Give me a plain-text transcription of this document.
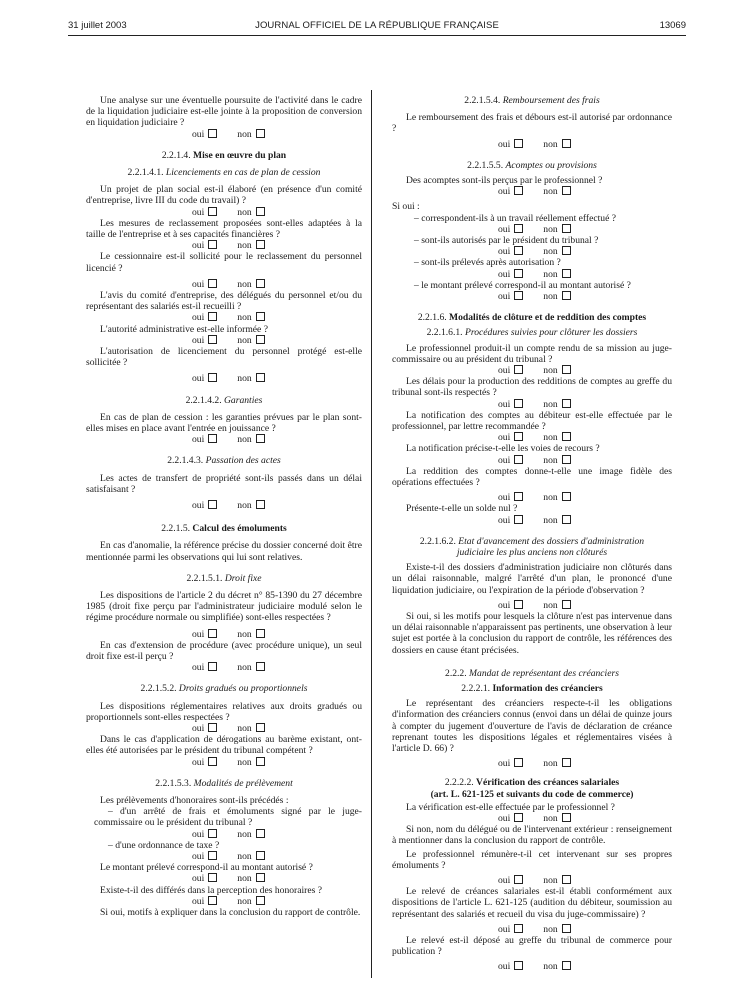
31 juillet 2003	JOURNAL OFFICIEL DE LA RÉPUBLIQUE FRANÇAISE	13069

Une analyse sur une éventuelle poursuite de l'activité dans le cadre de la liquidation judiciaire est-elle jointe à la proposition de conversion en liquidation judiciaire ?

oui	non

2.2.1.4. Mise en œuvre du plan

2.2.1.4.1. Licenciements en cas de plan de cession

Un projet de plan social est-il élaboré (en présence d'un comité d'entreprise, livre III du code du travail) ?

oui	non

Les mesures de reclassement proposées sont-elles adaptées à la taille de l'entreprise et à ses capacités financières ?

oui	non

Le cessionnaire est-il sollicité pour le reclassement du personnel licencié ?

oui	non

L'avis du comité d'entreprise, des délégués du personnel et/ou du représentant des salariés est-il recueilli ?

oui	non

L'autorité administrative est-elle informée ?

oui	non

L'autorisation de licenciement du personnel protégé est-elle sollicitée ?

oui	non

2.2.1.4.2. Garanties

En cas de plan de cession : les garanties prévues par le plan sont-elles mises en place avant l'entrée en jouissance ?

oui	non

2.2.1.4.3. Passation des actes

Les actes de transfert de propriété sont-ils passés dans un délai satisfaisant ?

oui	non

2.2.1.5. Calcul des émoluments

En cas d'anomalie, la référence précise du dossier concerné doit être mentionnée parmi les observations qui lui sont relatives.

2.2.1.5.1. Droit fixe

Les dispositions de l'article 2 du décret n° 85-1390 du 27 décembre 1985 (droit fixe perçu par l'administrateur judiciaire modulé selon le régime procédure normale ou simplifiée) sont-elles respectées ?

oui	non

En cas d'extension de procédure (avec procédure unique), un seul droit fixe est-il perçu ?

oui	non

2.2.1.5.2. Droits gradués ou proportionnels

Les dispositions réglementaires relatives aux droits gradués ou proportionnels sont-elles respectées ?

oui	non

Dans le cas d'application de dérogations au barème existant, ont-elles été autorisées par le président du tribunal compétent ?

oui	non

2.2.1.5.3. Modalités de prélèvement

Les prélèvements d'honoraires sont-ils précédés :

– d'un arrêté de frais et émoluments signé par le juge-commissaire ou le président du tribunal ?

oui	non

– d'une ordonnance de taxe ?

oui	non

Le montant prélevé correspond-il au montant autorisé ?

oui	non

Existe-t-il des différés dans la perception des honoraires ?

oui	non

Si oui, motifs à expliquer dans la conclusion du rapport de contrôle.

2.2.1.5.4. Remboursement des frais

Le remboursement des frais et débours est-il autorisé par ordonnance ?

oui	non

2.2.1.5.5. Acomptes ou provisions

Des acomptes sont-ils perçus par le professionnel ?

oui	non

Si oui :

– correspondent-ils à un travail réellement effectué ?

oui	non

– sont-ils autorisés par le président du tribunal ?

oui	non

– sont-ils prélevés après autorisation ?

oui	non

– le montant prélevé correspond-il au montant autorisé ?

oui	non

2.2.1.6. Modalités de clôture et de reddition des comptes

2.2.1.6.1. Procédures suivies pour clôturer les dossiers

Le professionnel produit-il un compte rendu de sa mission au juge-commissaire ou au président du tribunal ?

oui	non

Les délais pour la production des redditions de comptes au greffe du tribunal sont-ils respectés ?

oui	non

La notification des comptes au débiteur est-elle effectuée par le professionnel, par lettre recommandée ?

oui	non

La notification précise-t-elle les voies de recours ?

oui	non

La reddition des comptes donne-t-elle une image fidèle des opérations effectuées ?

oui	non

Présente-t-elle un solde nul ?

oui	non

2.2.1.6.2. Etat d'avancement des dossiers d'administration

judiciaire les plus anciens non clôturés

Existe-t-il des dossiers d'administration judiciaire non clôturés dans un délai raisonnable, malgré l'arrêté d'un plan, le prononcé d'une liquidation judiciaire, ou l'expiration de la période d'observation ?

oui	non

Si oui, si les motifs pour lesquels la clôture n'est pas intervenue dans un délai raisonnable n'apparaissent pas pertinents, une observation à leur sujet est portée à la conclusion du rapport de contrôle, les références des dossiers en cause étant précisées.

2.2.2. Mandat de représentant des créanciers

2.2.2.1. Information des créanciers

Le représentant des créanciers respecte-t-il les obligations d'information des créanciers connus (envoi dans un délai de quinze jours à compter du jugement d'ouverture de l'avis de déclaration de créance reprenant toutes les dispositions légales et réglementaires visées à l'article D. 66) ?

oui	non

2.2.2.2. Vérification des créances salariales

(art. L. 621-125 et suivants du code de commerce)

La vérification est-elle effectuée par le professionnel ?

oui	non

Si non, nom du délégué ou de l'intervenant extérieur : renseignement à mentionner dans la conclusion du rapport de contrôle.

Le professionnel rémunère-t-il cet intervenant sur ses propres émoluments ?

oui	non

Le relevé de créances salariales est-il établi conformément aux dispositions de l'article L. 621-125 (audition du débiteur, soumission au représentant des salariés et recueil du visa du juge-commissaire) ?

oui	non

Le relevé est-il déposé au greffe du tribunal de commerce pour publication ?

oui	non
